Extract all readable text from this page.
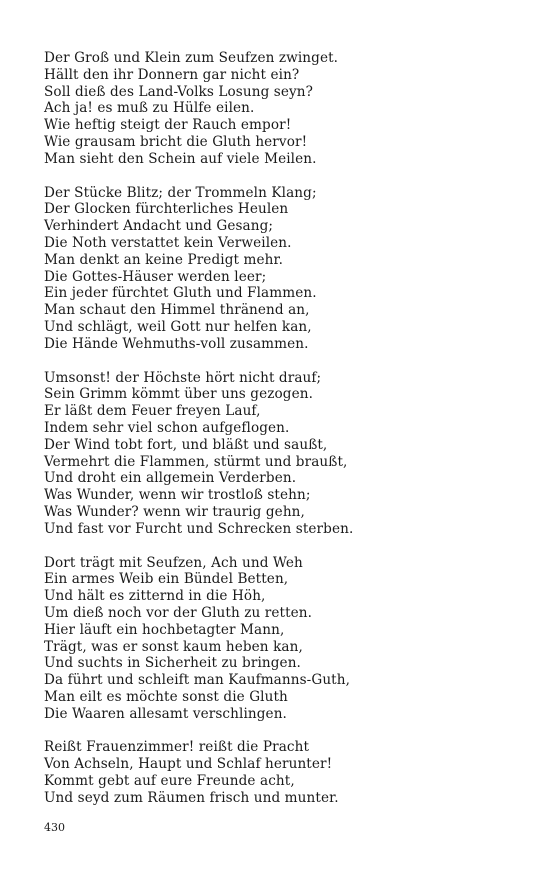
Der Groß und Klein zum Seufzen zwinget.
Hällt den ihr Donnern gar nicht ein?
Soll dieß des Land-Volks Losung seyn?
Ach ja! es muß zu Hülfe eilen.
Wie heftig steigt der Rauch empor!
Wie grausam bricht die Gluth hervor!
Man sieht den Schein auf viele Meilen.
Der Stücke Blitz; der Trommeln Klang;
Der Glocken fürchterliches Heulen
Verhindert Andacht und Gesang;
Die Noth verstattet kein Verweilen.
Man denkt an keine Predigt mehr.
Die Gottes-Häuser werden leer;
Ein jeder fürchtet Gluth und Flammen.
Man schaut den Himmel thränend an,
Und schlägt, weil Gott nur helfen kan,
Die Hände Wehmuths-voll zusammen.
Umsonst! der Höchste hört nicht drauf;
Sein Grimm kömmt über uns gezogen.
Er läßt dem Feuer freyen Lauf,
Indem sehr viel schon aufgeflogen.
Der Wind tobt fort, und bläßt und saußt,
Vermehrt die Flammen, stürmt und braußt,
Und droht ein allgemein Verderben.
Was Wunder, wenn wir trostloß stehn;
Was Wunder? wenn wir traurig gehn,
Und fast vor Furcht und Schrecken sterben.
Dort trägt mit Seufzen, Ach und Weh
Ein armes Weib ein Bündel Betten,
Und hält es zitternd in die Höh,
Um dieß noch vor der Gluth zu retten.
Hier läuft ein hochbetagter Mann,
Trägt, was er sonst kaum heben kan,
Und suchts in Sicherheit zu bringen.
Da führt und schleift man Kaufmanns-Guth,
Man eilt es möchte sonst die Gluth
Die Waaren allesamt verschlingen.
Reißt Frauenzimmer! reißt die Pracht
Von Achseln, Haupt und Schlaf herunter!
Kommt gebt auf eure Freunde acht,
Und seyd zum Räumen frisch und munter.
430
